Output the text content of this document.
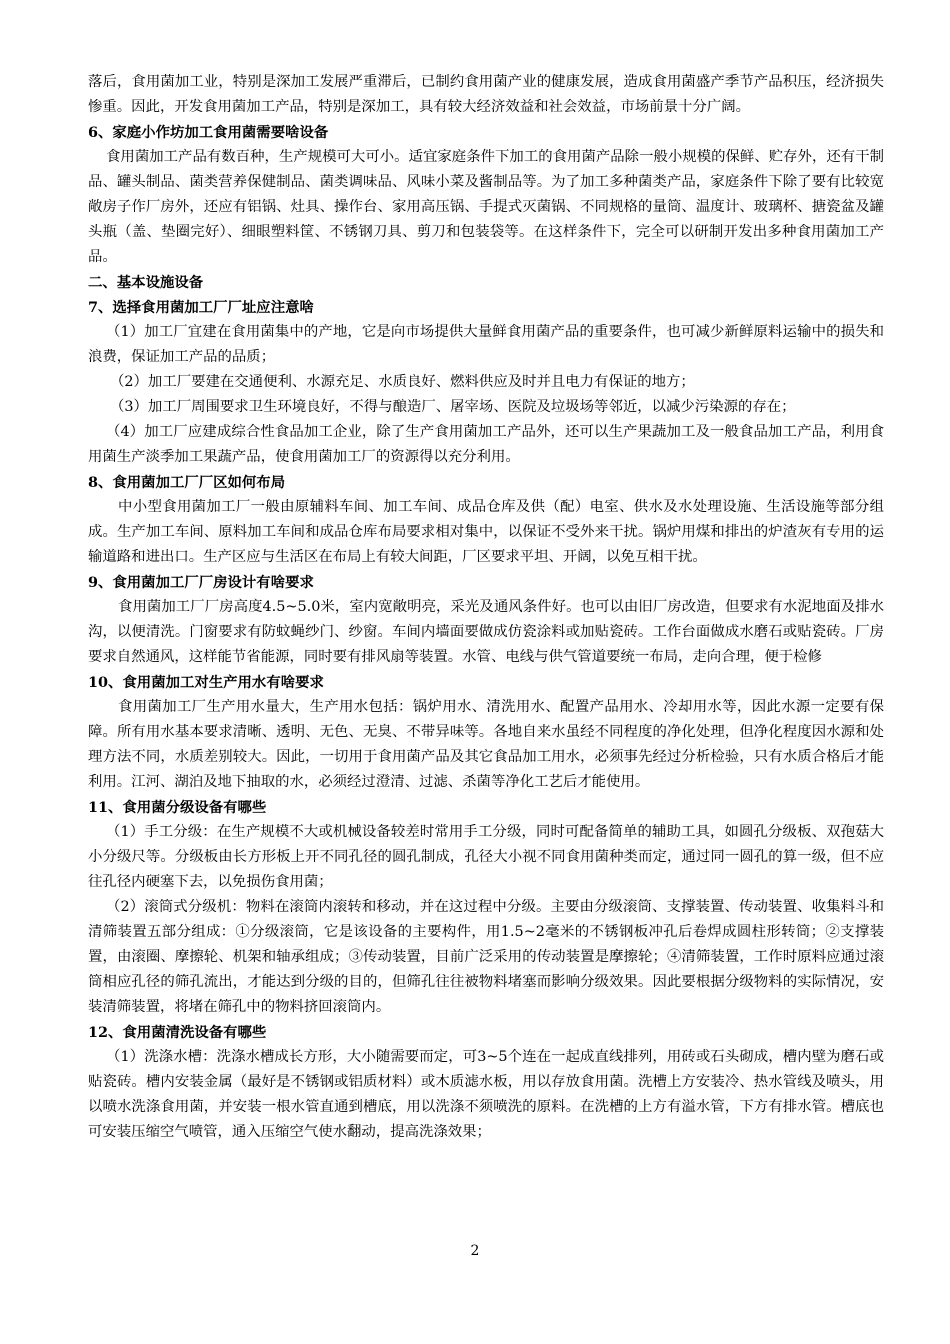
落后，食用菌加工业，特别是深加工发展严重滞后，已制约食用菌产业的健康发展，造成食用菌盛产季节产品积压，经济损失惨重。因此，开发食用菌加工产品，特别是深加工，具有较大经济效益和社会效益，市场前景十分广阔。

6、家庭小作坊加工食用菌需要啥设备

食用菌加工产品有数百种，生产规模可大可小。适宜家庭条件下加工的食用菌产品除一般小规模的保鲜、贮存外，还有干制品、罐头制品、菌类营养保健制品、菌类调味品、风味小菜及酱制品等。为了加工多种菌类产品，家庭条件下除了要有比较宽敞房子作厂房外，还应有铝锅、灶具、操作台、家用高压锅、手提式灭菌锅、不同规格的量筒、温度计、玻璃杯、搪瓷盆及罐头瓶（盖、垫圈完好）、细眼塑料筐、不锈钢刀具、剪刀和包装袋等。在这样条件下，完全可以研制开发出多种食用菌加工产品。

二、基本设施设备

7、选择食用菌加工厂厂址应注意啥

（1）加工厂宜建在食用菌集中的产地，它是向市场提供大量鲜食用菌产品的重要条件，也可减少新鲜原料运输中的损失和浪费，保证加工产品的品质；

（2）加工厂要建在交通便利、水源充足、水质良好、燃料供应及时并且电力有保证的地方；

（3）加工厂周围要求卫生环境良好，不得与酿造厂、屠宰场、医院及垃圾场等邻近，以减少污染源的存在；

（4）加工厂应建成综合性食品加工企业，除了生产食用菌加工产品外，还可以生产果蔬加工及一般食品加工产品，利用食用菌生产淡季加工果蔬产品，使食用菌加工厂的资源得以充分利用。

8、食用菌加工厂厂区如何布局

中小型食用菌加工厂一般由原辅料车间、加工车间、成品仓库及供（配）电室、供水及水处理设施、生活设施等部分组成。生产加工车间、原料加工车间和成品仓库布局要求相对集中，以保证不受外来干扰。锅炉用煤和排出的炉渣灰有专用的运输道路和进出口。生产区应与生活区在布局上有较大间距，厂区要求平坦、开阔，以免互相干扰。

9、食用菌加工厂厂房设计有啥要求

食用菌加工厂厂房高度4.5~5.0米，室内宽敞明亮，采光及通风条件好。也可以由旧厂房改造，但要求有水泥地面及排水沟，以便清洗。门窗要求有防蚊蝇纱门、纱窗。车间内墙面要做成仿瓷涂料或加贴瓷砖。工作台面做成水磨石或贴瓷砖。厂房要求自然通风，这样能节省能源，同时要有排风扇等装置。水管、电线与供气管道要统一布局，走向合理，便于检修

10、食用菌加工对生产用水有啥要求

食用菌加工厂生产用水量大，生产用水包括：锅炉用水、清洗用水、配置产品用水、冷却用水等，因此水源一定要有保障。所有用水基本要求清晰、透明、无色、无臭、不带异味等。各地自来水虽经不同程度的净化处理，但净化程度因水源和处理方法不同，水质差别较大。因此，一切用于食用菌产品及其它食品加工用水，必须事先经过分析检验，只有水质合格后才能利用。江河、湖泊及地下抽取的水，必须经过澄清、过滤、杀菌等净化工艺后才能使用。

11、食用菌分级设备有哪些

（1）手工分级：在生产规模不大或机械设备较差时常用手工分级，同时可配备简单的辅助工具，如圆孔分级板、双孢菇大小分级尺等。分级板由长方形板上开不同孔径的圆孔制成，孔径大小视不同食用菌种类而定，通过同一圆孔的算一级，但不应往孔径内硬塞下去，以免损伤食用菌；

（2）滚筒式分级机：物料在滚筒内滚转和移动，并在这过程中分级。主要由分级滚筒、支撑装置、传动装置、收集料斗和清筛装置五部分组成：①分级滚筒，它是该设备的主要构件，用1.5~2毫米的不锈钢板冲孔后卷焊成圆柱形转筒；②支撑装置，由滚圈、摩擦轮、机架和轴承组成；③传动装置，目前广泛采用的传动装置是摩擦轮；④清筛装置，工作时原料应通过滚筒相应孔径的筛孔流出，才能达到分级的目的，但筛孔往往被物料堵塞而影响分级效果。因此要根据分级物料的实际情况，安装清筛装置，将堵在筛孔中的物料挤回滚筒内。

12、食用菌清洗设备有哪些

（1）洗涤水槽：洗涤水槽成长方形，大小随需要而定，可3~5个连在一起成直线排列，用砖或石头砌成，槽内壁为磨石或贴瓷砖。槽内安装金属（最好是不锈钢或铝质材料）或木质滤水板，用以存放食用菌。洗槽上方安装冷、热水管线及喷头，用以喷水洗涤食用菌，并安装一根水管直通到槽底，用以洗涤不须喷洗的原料。在洗槽的上方有溢水管，下方有排水管。槽底也可安装压缩空气喷管，通入压缩空气使水翻动，提高洗涤效果；

2
